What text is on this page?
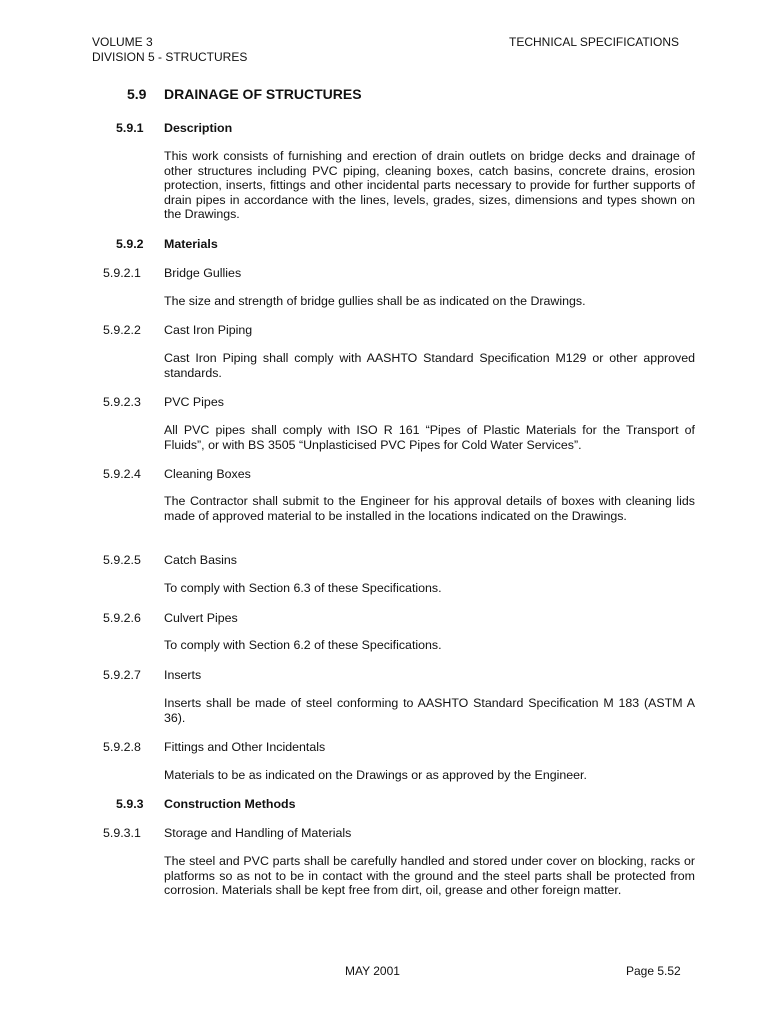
VOLUME 3
DIVISION 5 - STRUCTURES
TECHNICAL SPECIFICATIONS
5.9 DRAINAGE OF STRUCTURES
5.9.1 Description
This work consists of furnishing and erection of drain outlets on bridge decks and drainage of other structures including PVC piping, cleaning boxes, catch basins, concrete drains, erosion protection, inserts, fittings and other incidental parts necessary to provide for further supports of drain pipes in accordance with the lines, levels, grades, sizes, dimensions and types shown on the Drawings.
5.9.2 Materials
5.9.2.1 Bridge Gullies
The size and strength of bridge gullies shall be as indicated on the Drawings.
5.9.2.2 Cast Iron Piping
Cast Iron Piping shall comply with AASHTO Standard Specification M129 or other approved standards.
5.9.2.3 PVC Pipes
All PVC pipes shall comply with ISO R 161 “Pipes of Plastic Materials for the Transport of Fluids”, or with BS 3505 “Unplasticised PVC Pipes for Cold Water Services”.
5.9.2.4 Cleaning Boxes
The Contractor shall submit to the Engineer for his approval details of boxes with cleaning lids made of approved material to be installed in the locations indicated on the Drawings.
5.9.2.5 Catch Basins
To comply with Section 6.3 of these Specifications.
5.9.2.6 Culvert Pipes
To comply with Section 6.2 of these Specifications.
5.9.2.7 Inserts
Inserts shall be made of steel conforming to AASHTO Standard Specification M 183 (ASTM A 36).
5.9.2.8 Fittings and Other Incidentals
Materials to be as indicated on the Drawings or as approved by the Engineer.
5.9.3 Construction Methods
5.9.3.1 Storage and Handling of Materials
The steel and PVC parts shall be carefully handled and stored under cover on blocking, racks or platforms so as not to be in contact with the ground and the steel parts shall be protected from corrosion. Materials shall be kept free from dirt, oil, grease and other foreign matter.
MAY 2001	Page 5.52
